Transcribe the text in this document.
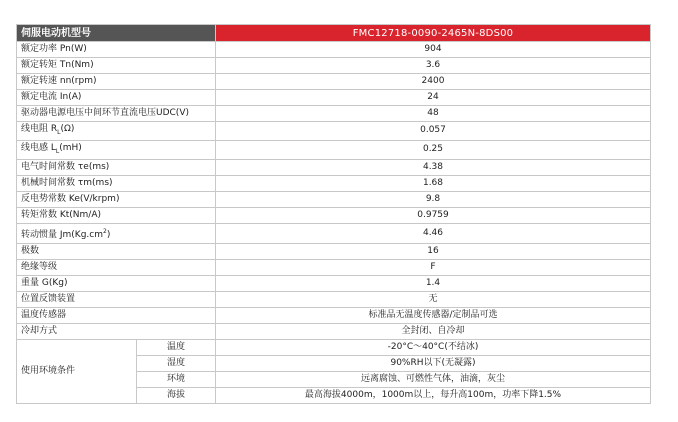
伺服电动机型号		FMC12718-0090-2465N-8DS00
额定功率 Pn(W)		904
额定转矩 Tn(Nm)		3.6
额定转速 nn(rpm)		2400
额定电流 In(A)		24
驱动器电源电压中间环节直流电压UDC(V)		48
线电阻 $R_L(\Omega)$		0.057
线电感 $L_L(mH)$		0.25
电气时间常数 τe(ms)		4.38
机械时间常数 τm(ms)		1.68
反电势常数 Ke(V/krpm)		9.8
转矩常数 Kt(Nm/A)		0.9759
转动惯量 $Jm(Kg.cm^2)$		4.46
极数		16
绝缘等级		F
重量 G(Kg)		1.4
位置反馈装置		无
温度传感器		标准品无温度传感器/定制品可选
冷却方式		全封闭、自冷却
使用环境条件	温度	-20°C～40°C(不结冰)
	湿度	90%RH以下(无凝露)
	环境	远离腐蚀、可燃性气体，油滴，灰尘
	海拔	最高海拔4000m，1000m以上，每升高100m，功率下降1.5%
